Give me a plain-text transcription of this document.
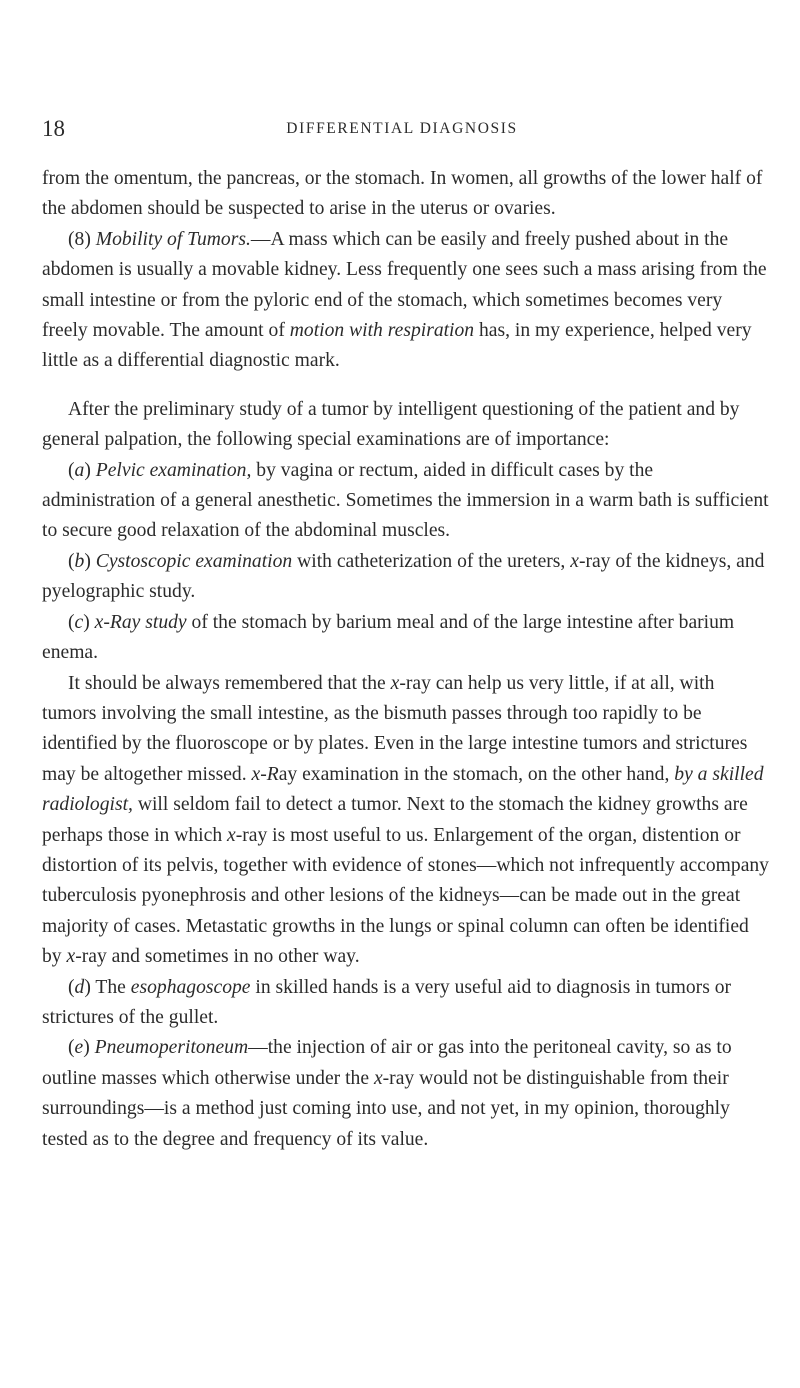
18	DIFFERENTIAL DIAGNOSIS

from the omentum, the pancreas, or the stomach. In women, all growths of the lower half of the abdomen should be suspected to arise in the uterus or ovaries.

(8) Mobility of Tumors.—A mass which can be easily and freely pushed about in the abdomen is usually a movable kidney. Less frequently one sees such a mass arising from the small intestine or from the pyloric end of the stomach, which sometimes becomes very freely movable. The amount of motion with respiration has, in my experience, helped very little as a differential diagnostic mark.

After the preliminary study of a tumor by intelligent questioning of the patient and by general palpation, the following special examinations are of importance:

(a) Pelvic examination, by vagina or rectum, aided in difficult cases by the administration of a general anesthetic. Sometimes the immersion in a warm bath is sufficient to secure good relaxation of the abdominal muscles.

(b) Cystoscopic examination with catheterization of the ureters, x-ray of the kidneys, and pyelographic study.

(c) x-Ray study of the stomach by barium meal and of the large intestine after barium enema.

It should be always remembered that the x-ray can help us very little, if at all, with tumors involving the small intestine, as the bismuth passes through too rapidly to be identified by the fluoroscope or by plates. Even in the large intestine tumors and strictures may be altogether missed. x-Ray examination in the stomach, on the other hand, by a skilled radiologist, will seldom fail to detect a tumor. Next to the stomach the kidney growths are perhaps those in which x-ray is most useful to us. Enlargement of the organ, distention or distortion of its pelvis, together with evidence of stones—which not infrequently accompany tuberculosis pyonephrosis and other lesions of the kidneys—can be made out in the great majority of cases. Metastatic growths in the lungs or spinal column can often be identified by x-ray and sometimes in no other way.

(d) The esophagoscope in skilled hands is a very useful aid to diagnosis in tumors or strictures of the gullet.

(e) Pneumoperitoneum—the injection of air or gas into the peritoneal cavity, so as to outline masses which otherwise under the x-ray would not be distinguishable from their surroundings—is a method just coming into use, and not yet, in my opinion, thoroughly tested as to the degree and frequency of its value.
